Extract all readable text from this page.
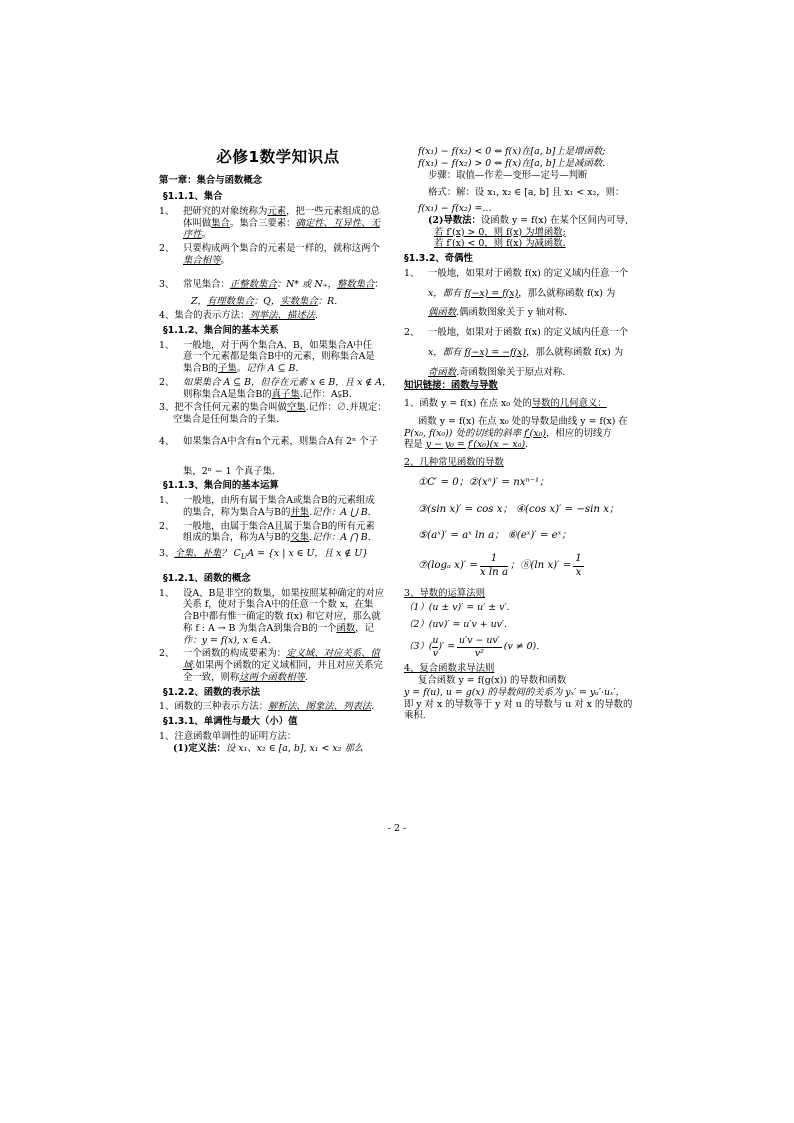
必修1数学知识点
第一章：集合与函数概念
§1.1.1、集合
1、 把研究的对象统称为元素，把一些元素组成的总
体叫做集合。集合三要素：确定性、互异性、无
序性。
2、 只要构成两个集合的元素是一样的，就称这两个
集合相等。
3、 常见集合：正整数集合：N* 或 N₊，整数集合：
Z，有理数集合：Q，实数集合：R．
4、集合的表示方法：列举法、描述法.
§1.1.2、集合间的基本关系
1、 一般地，对于两个集合A、B，如果集合A中任
意一个元素都是集合B中的元素，则称集合A是
集合B的子集。记作 A ⊆ B．
2、 如果集合 A ⊆ B，但存在元素 x ∈ B，且 x ∉ A，
则称集合A是集合B的真子集.记作：A⫋B.
3、把不含任何元素的集合叫做空集.记作：∅.并规定：
空集合是任何集合的子集.
4、 如果集合A中含有n个元素，则集合A有 2ⁿ 个子
集，2ⁿ − 1 个真子集.
§1.1.3、集合间的基本运算
1、 一般地，由所有属于集合A或集合B的元素组成
的集合，称为集合A与B的并集.记作：A ⋃ B．
2、 一般地，由属于集合A且属于集合B的所有元素
组成的集合，称为A与B的交集.记作：A ⋂ B．
3、全集、补集？ $C_UA = \{x$ | x ∈ U，且 x ∉ U}
§1.2.1、函数的概念
1、 设A、B是非空的数集，如果按照某种确定的对应
关系 f，使对于集合A中的任意一个数 x，在集
合B中都有惟一确定的数 f(x) 和它对应，那么就
称 f : A → B 为集合A到集合B的一个函数，记
作：y = f(x), x ∈ A．
2、 一个函数的构成要素为：定义域、对应关系、值
域.如果两个函数的定义域相同，并且对应关系完
全一致，则称这两个函数相等.
§1.2.2、函数的表示法
1、函数的三种表示方法：解析法、图象法、列表法.
§1.3.1、单调性与最大（小）值
1、注意函数单调性的证明方法：
(1)定义法：设 x₁、x₂ ∈ [a, b], x₁ < x₂ 那么
f(x₁) − f(x₂) < 0 ⇔ f(x)在[a, b]上是增函数;
f(x₁) − f(x₂) > 0 ⇔ f(x)在[a, b]上是减函数.
步骤：取值—作差—变形—定号—判断
格式：解：设 x₁, x₂ ∈ [a, b] 且 x₁ < x₂，则：
f(x₁) − f(x₂) =…
(2)导数法：设函数 y = f(x) 在某个区间内可导,
若 f′(x) > 0，则 f(x) 为增函数;
若 f′(x) < 0，则 f(x) 为减函数.
§1.3.2、奇偶性
1、 一般地，如果对于函数 f(x) 的定义域内任意一个
x，都有 f(−x) = f(x)，那么就称函数 f(x) 为
偶函数.偶函数图象关于 y 轴对称.
2、 一般地，如果对于函数 f(x) 的定义域内任意一个
x，都有 f(−x) = −f(x)，那么就称函数 f(x) 为
奇函数.奇函数图象关于原点对称.
知识链接：函数与导数
1、函数 y = f(x) 在点 x₀ 处的导数的几何意义：
函数 y = f(x) 在点 x₀ 处的导数是曲线 y = f(x) 在
P(x₀, f(x₀)) 处的切线的斜率 f′(x₀)，相应的切线方
程是 y − y₀ = f′(x₀)(x − x₀).
2、几种常见函数的导数
①C′ = 0；②(xⁿ)′ = nxⁿ⁻¹；
③(sin x)′ = cos x； ④(cos x)′ = −sin x；
⑤(aˣ)′ = aˣ ln a； ⑥(eˣ)′ = eˣ；
⑦(logₐ $x)' = \frac{1}{\text{x ln a}}$ ；⑧(ln $x)' = \frac{1}{x}$
3、导数的运算法则
（1）(u ± v)′ = u′ ± v′.
（2）(uv)′ = u′v + uv′.
$(3)( \frac{u}{v}$ )′ = $\frac{u'v - uv'}{\text{v²}} (v \ne 0)$.
4、复合函数求导法则
复合函数 y = f(g(x)) 的导数和函数
y = f(u), u = g(x) 的导数间的关系为 yₓ′ = yᵤ′·uₓ′，
即 y 对 x 的导数等于 y 对 u 的导数与 u 对 x 的导数的
乘积.
- 2 -
